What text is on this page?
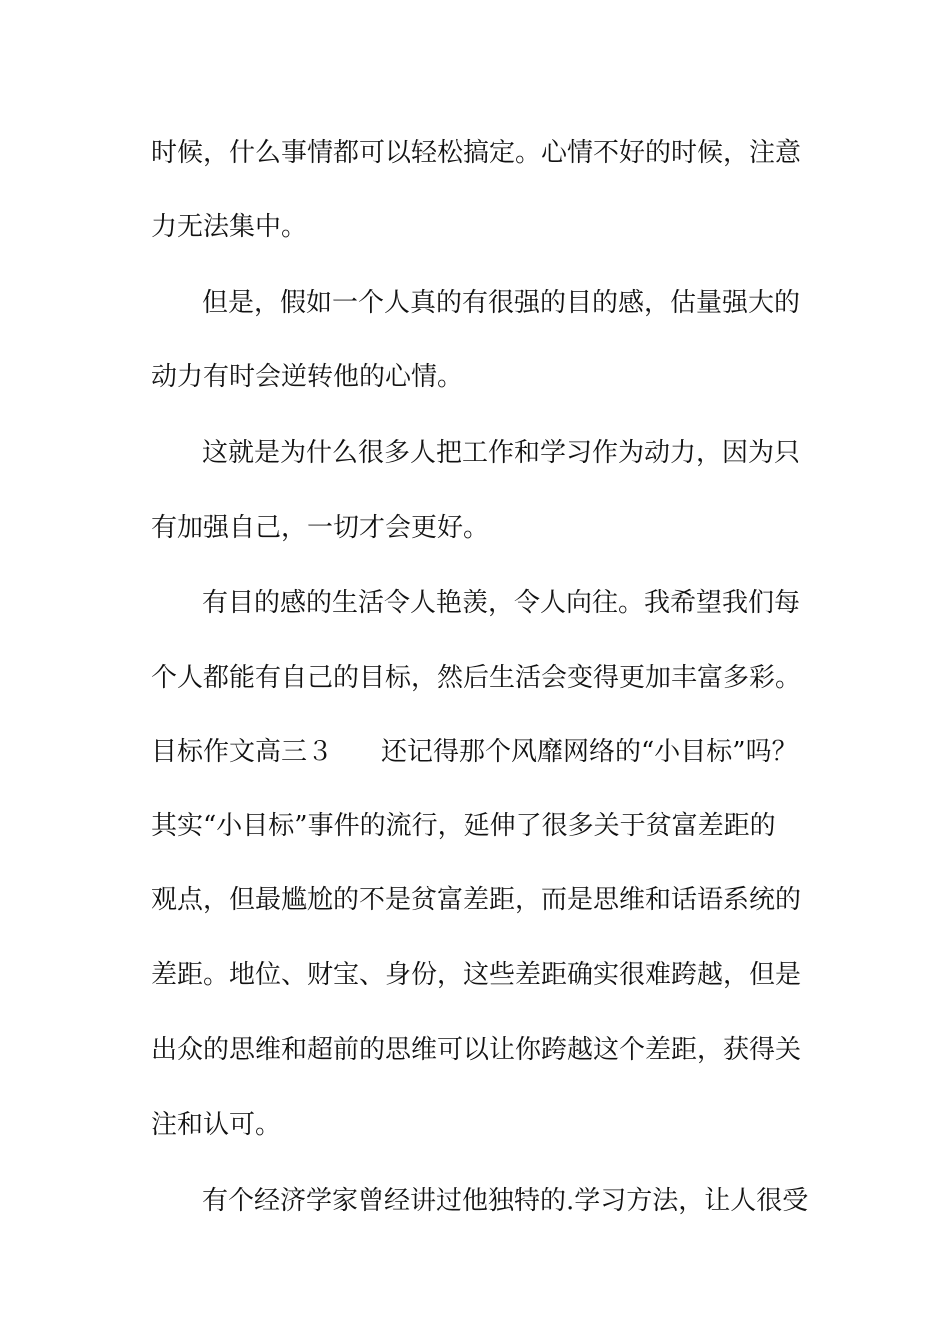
时候，什么事情都可以轻松搞定。心情不好的时候，注意
力无法集中。
但是，假如一个人真的有很强的目的感，估量强大的
动力有时会逆转他的心情。
这就是为什么很多人把工作和学习作为动力，因为只
有加强自己，一切才会更好。
有目的感的生活令人艳羡，令人向往。我希望我们每
个人都能有自己的目标，然后生活会变得更加丰富多彩。
目标作文高三３ 还记得那个风靡网络的“小目标”吗？
其实“小目标”事件的流行，延伸了很多关于贫富差距的
观点，但最尴尬的不是贫富差距，而是思维和话语系统的
差距。地位、财宝、身份，这些差距确实很难跨越，但是
出众的思维和超前的思维可以让你跨越这个差距，获得关
注和认可。
有个经济学家曾经讲过他独特的.学习方法，让人很受
